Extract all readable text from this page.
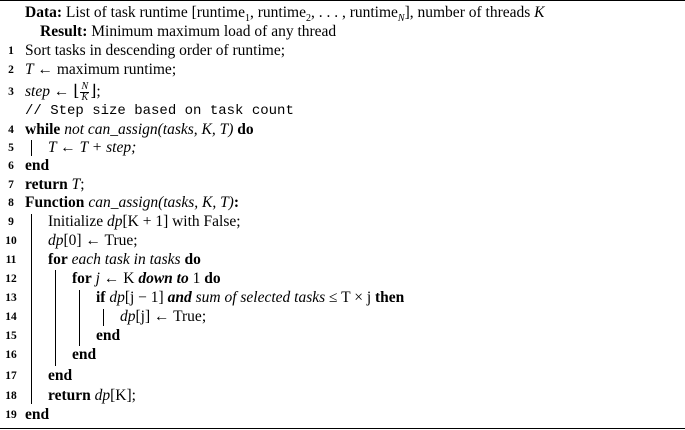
Data: List of task runtime [runtime$_1$, runtime$_2$, . . . , runtime$_N$], number of threads K
Result: Minimum maximum load of any thread
1 Sort tasks in descending order of runtime;
2 T ← maximum runtime;
3 step ← ⌊ $\frac{N}{K}$ ⌋;
// Step size based on task count
4 while not can_assign(tasks, K, T) do
5	T ← T + step;
6 end
7 return T;
8 Function can_assign(tasks, K, T):
9	Initialize dp[K + 1] with False;
10	dp[0] ← True;
11	for each task in tasks do
12	for j ← K down to 1 do
13	if dp[j − 1] and sum of selected tasks ≤ T × j then
14	dp[j] ← True;
15	end
16	end
17	end
18	return dp[K];
19 end
